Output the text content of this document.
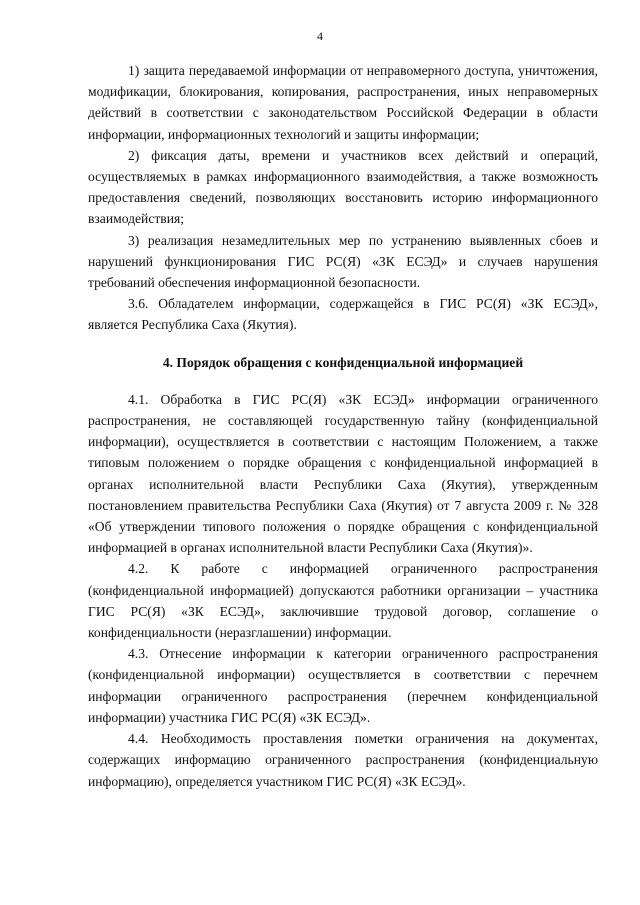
4

1) защита передаваемой информации от неправомерного доступа, уничтожения, модификации, блокирования, копирования, распространения, иных неправомерных действий в соответствии с законодательством Российской Федерации в области информации, информационных технологий и защиты информации;

2) фиксация даты, времени и участников всех действий и операций, осуществляемых в рамках информационного взаимодействия, а также возможность предоставления сведений, позволяющих восстановить историю информационного взаимодействия;

3) реализация незамедлительных мер по устранению выявленных сбоев и нарушений функционирования ГИС РС(Я) «ЗК ЕСЭД» и случаев нарушения требований обеспечения информационной безопасности.

3.6. Обладателем информации, содержащейся в ГИС РС(Я) «ЗК ЕСЭД», является Республика Саха (Якутия).

4. Порядок обращения с конфиденциальной информацией

4.1. Обработка в ГИС РС(Я) «ЗК ЕСЭД» информации ограниченного распространения, не составляющей государственную тайну (конфиденциальной информации), осуществляется в соответствии с настоящим Положением, а также типовым положением о порядке обращения с конфиденциальной информацией в органах исполнительной власти Республики Саха (Якутия), утвержденным постановлением правительства Республики Саха (Якутия) от 7 августа 2009 г. № 328 «Об утверждении типового положения о порядке обращения с конфиденциальной информацией в органах исполнительной власти Республики Саха (Якутия)».

4.2. К работе с информацией ограниченного распространения (конфиденциальной информацией) допускаются работники организации – участника ГИС РС(Я) «ЗК ЕСЭД», заключившие трудовой договор, соглашение о конфиденциальности (неразглашении) информации.

4.3. Отнесение информации к категории ограниченного распространения (конфиденциальной информации) осуществляется в соответствии с перечнем информации ограниченного распространения (перечнем конфиденциальной информации) участника ГИС РС(Я) «ЗК ЕСЭД».

4.4. Необходимость проставления пометки ограничения на документах, содержащих информацию ограниченного распространения (конфиденциальную информацию), определяется участником ГИС РС(Я) «ЗК ЕСЭД».
